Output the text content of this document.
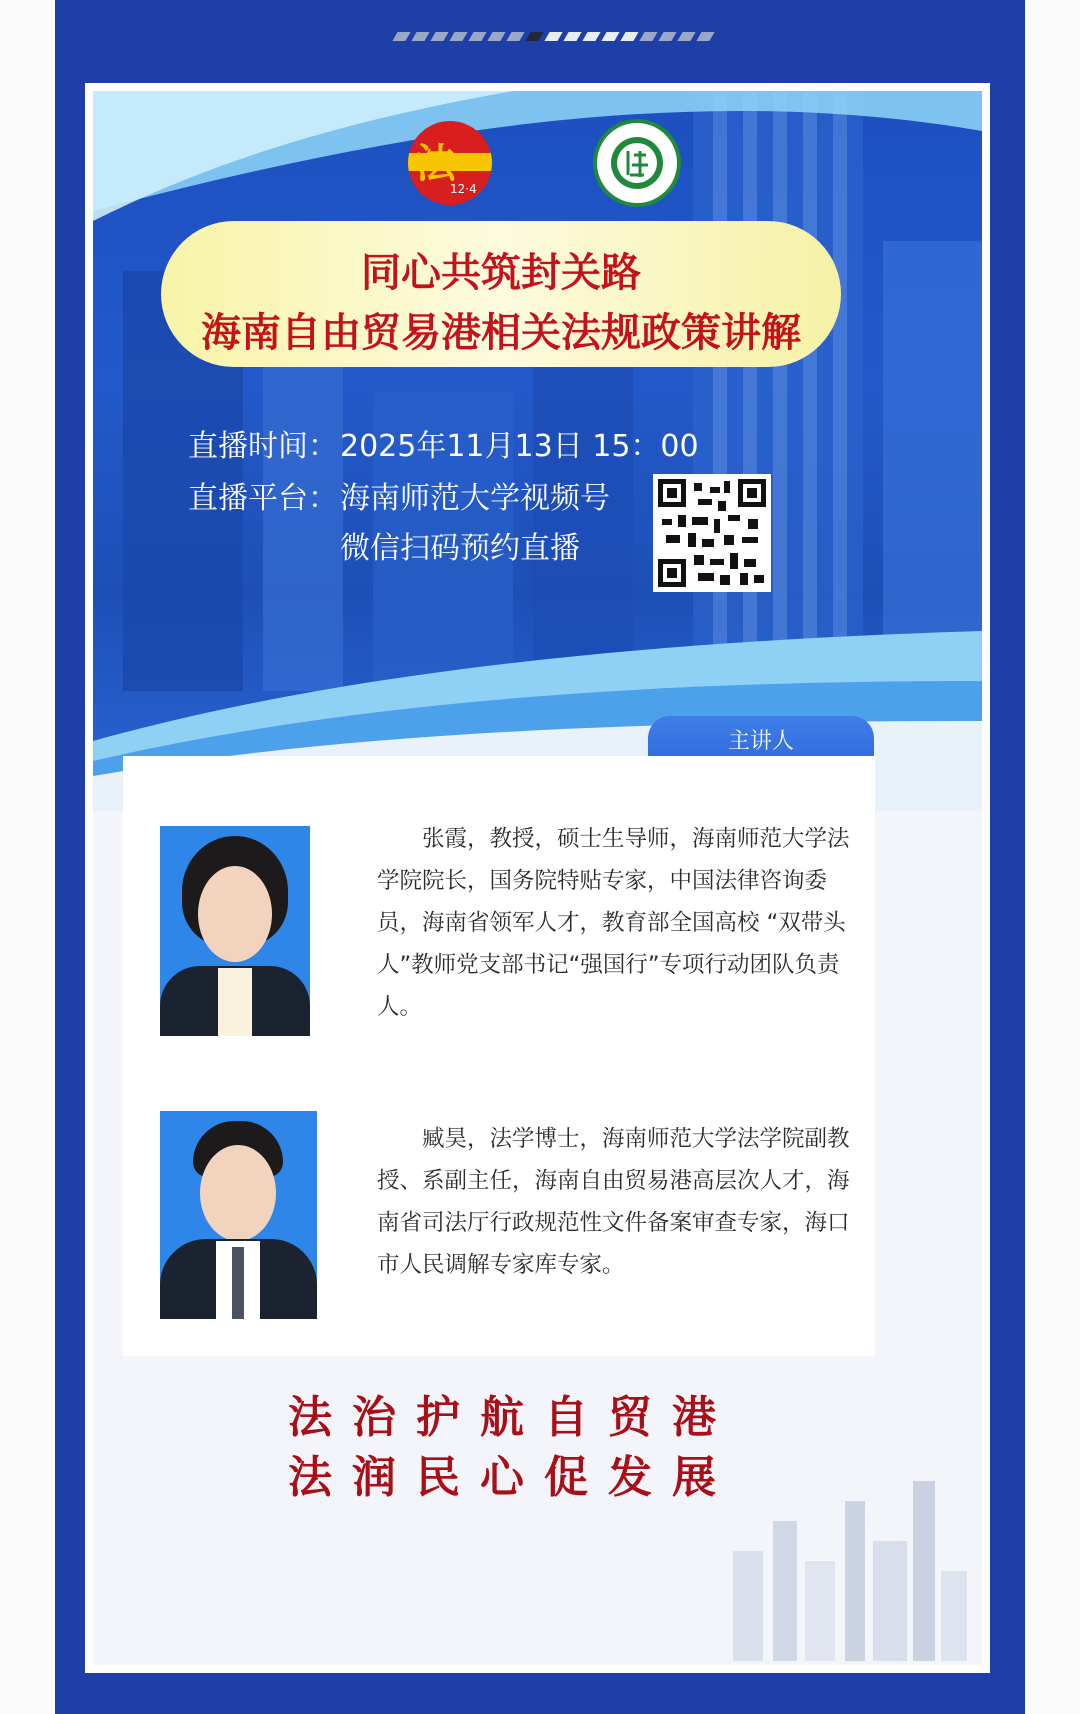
法
12·4
同心共筑封关路
海南自由贸易港相关法规政策讲解
直播时间： 2025年11月13日 15：00
直播平台： 海南师范大学视频号
微信扫码预约直播
主讲人
张霞，教授，硕士生导师，海南师范大学法学院院长，国务院特贴专家，中国法律咨询委员，海南省领军人才，教育部全国高校 “双带头人”教师党支部书记“强国行”专项行动团队负责人。
臧昊，法学博士，海南师范大学法学院副教授、系副主任，海南自由贸易港高层次人才，海南省司法厅行政规范性文件备案审查专家，海口市人民调解专家库专家。
法治护航自贸港
法润民心促发展
